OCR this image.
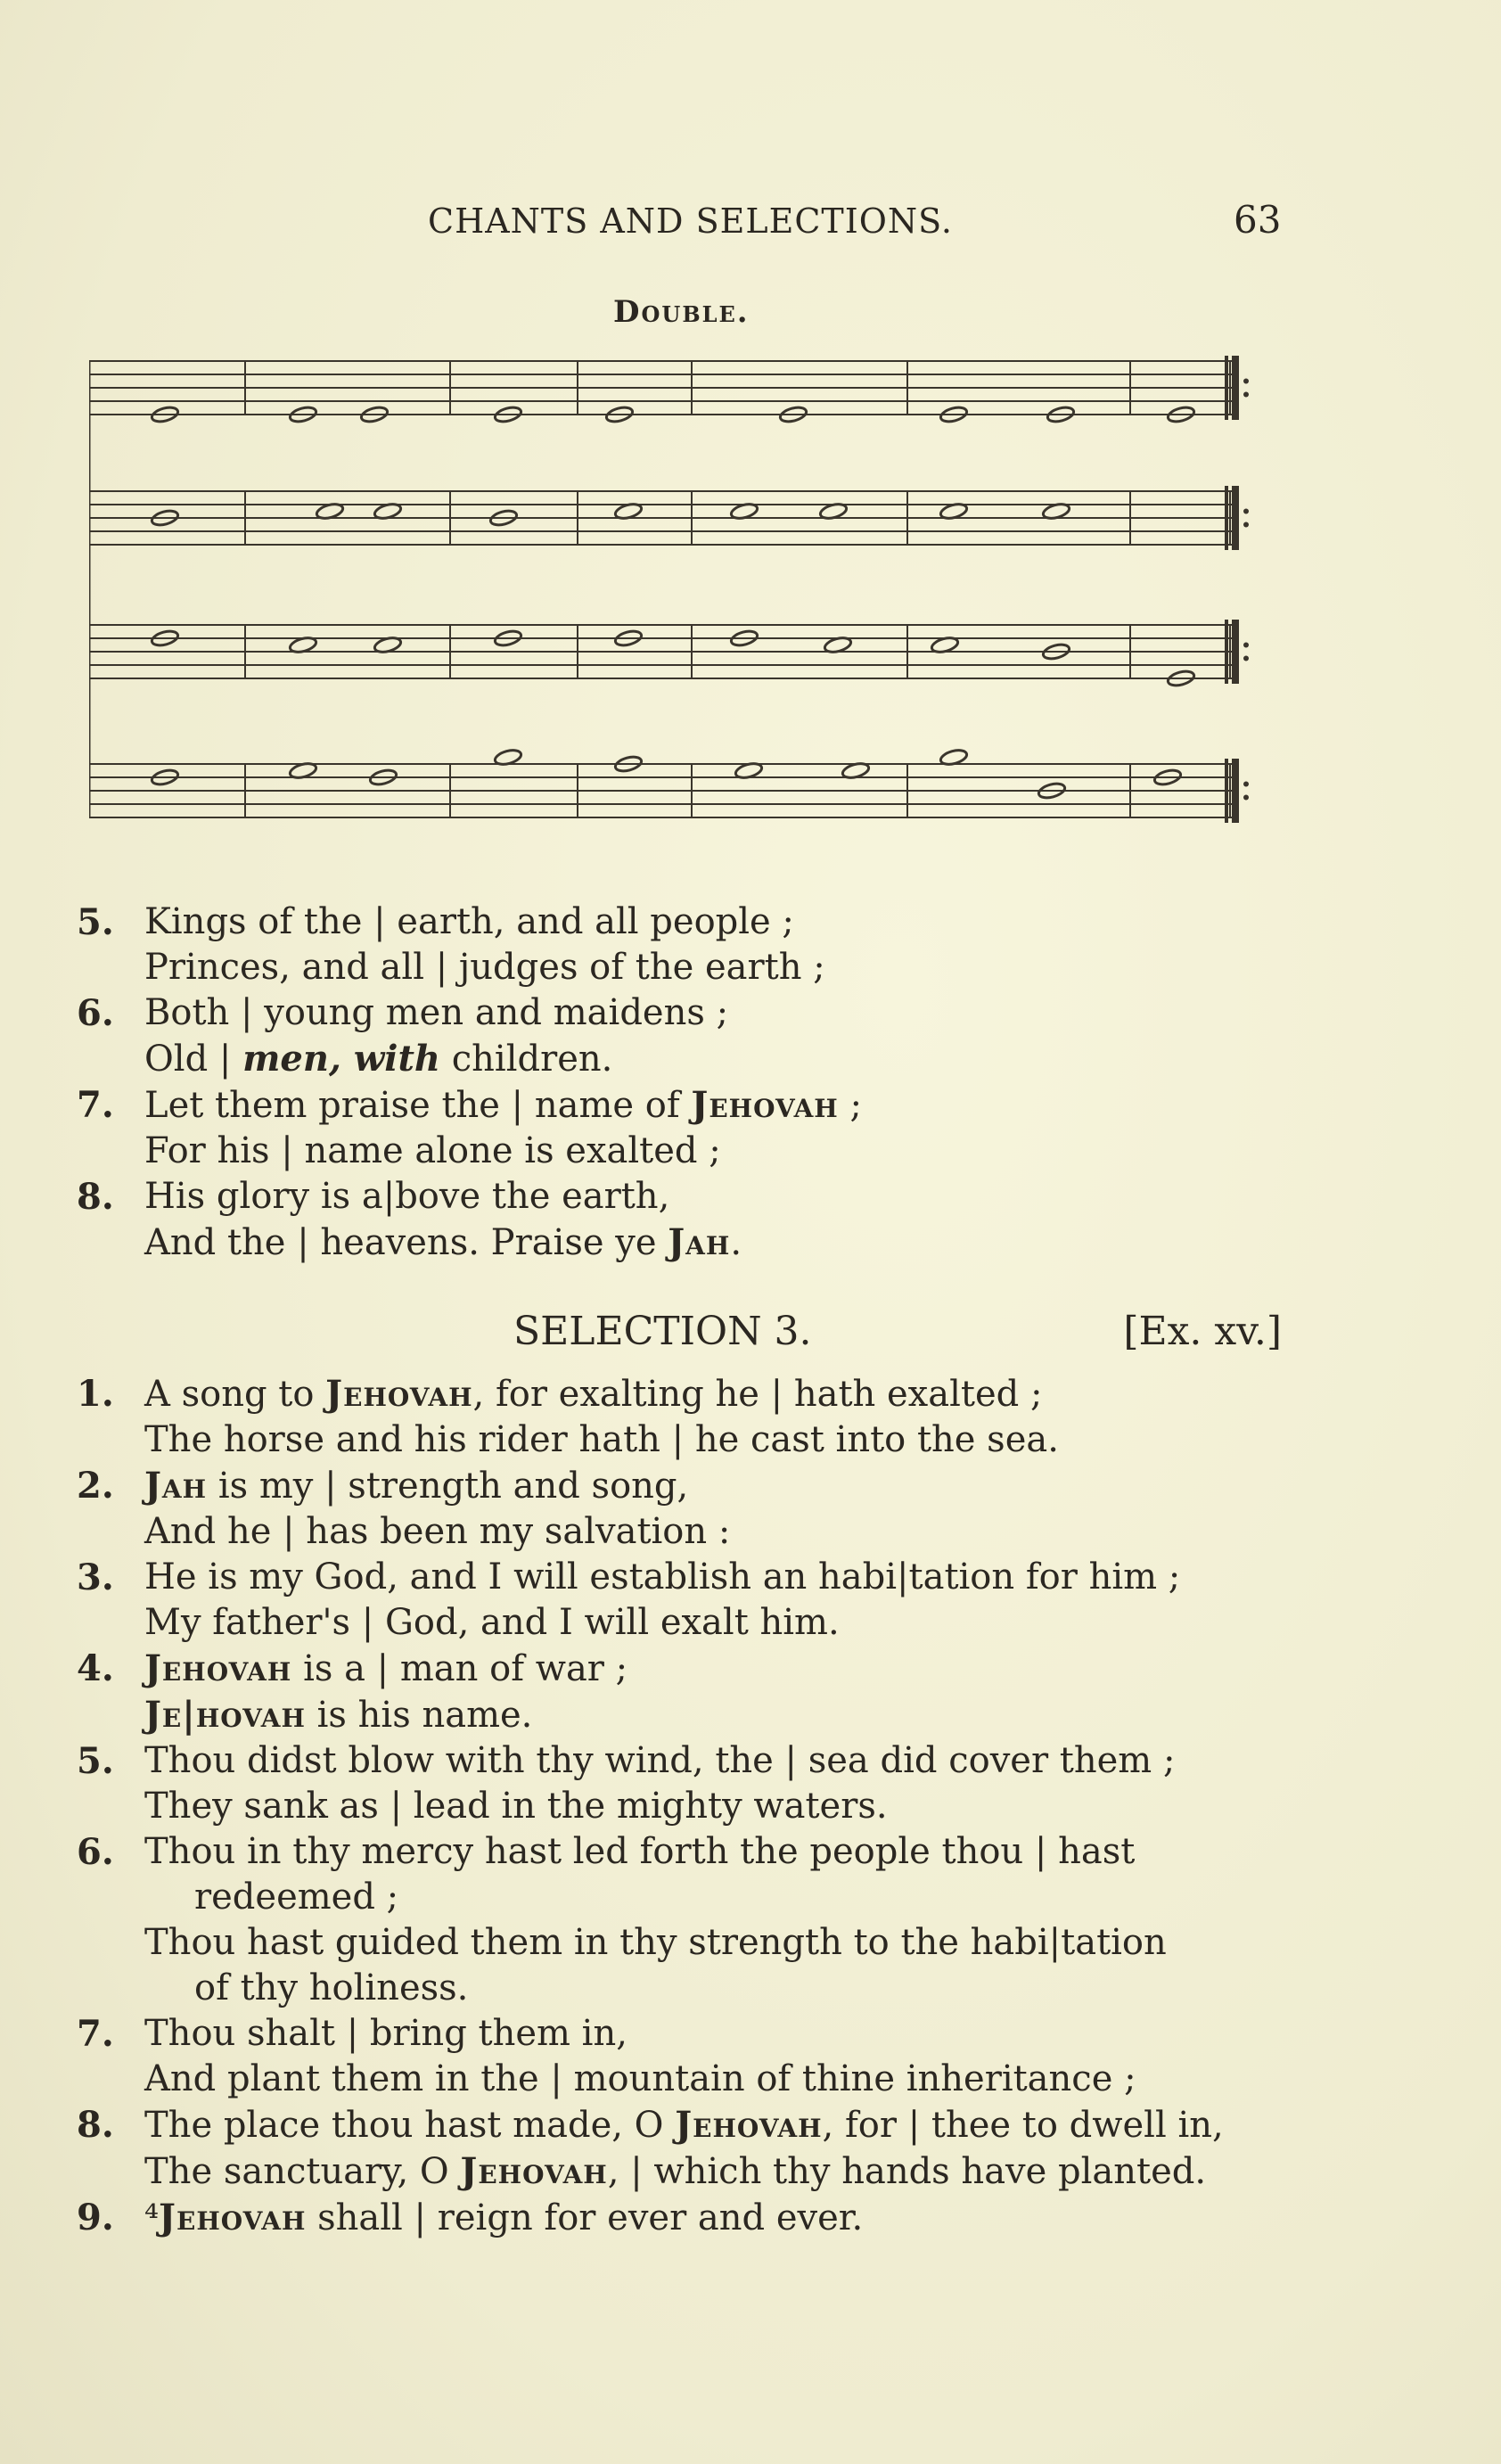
CHANTS AND SELECTIONS.	63
Double.
5. Kings of the | earth, and all people ;
Princes, and all | judges of the earth ;
6. Both | young men and maidens ;
Old | men, with children.
7. Let them praise the | name of Jehovah ;
For his | name alone is exalted ;
8. His glory is a|bove the earth,
And the | heavens. Praise ye Jah.
SELECTION 3.	[Ex. xv.]
1. A song to Jehovah, for exalting he | hath exalted ;
The horse and his rider hath | he cast into the sea.
2. Jah is my | strength and song,
And he | has been my salvation :
3. He is my God, and I will establish an habi|tation for him ;
My father's | God, and I will exalt him.
4. Jehovah is a | man of war ;
Je|hovah is his name.
5. Thou didst blow with thy wind, the | sea did cover them ;
They sank as | lead in the mighty waters.
6. Thou in thy mercy hast led forth the people thou | hast
redeemed ;
Thou hast guided them in thy strength to the habi|tation
of thy holiness.
7. Thou shalt | bring them in,
And plant them in the | mountain of thine inheritance ;
8. The place thou hast made, O Jehovah, for | thee to dwell in,
The sanctuary, O Jehovah, | which thy hands have planted.
9. ⁴Jehovah shall | reign for ever and ever.
